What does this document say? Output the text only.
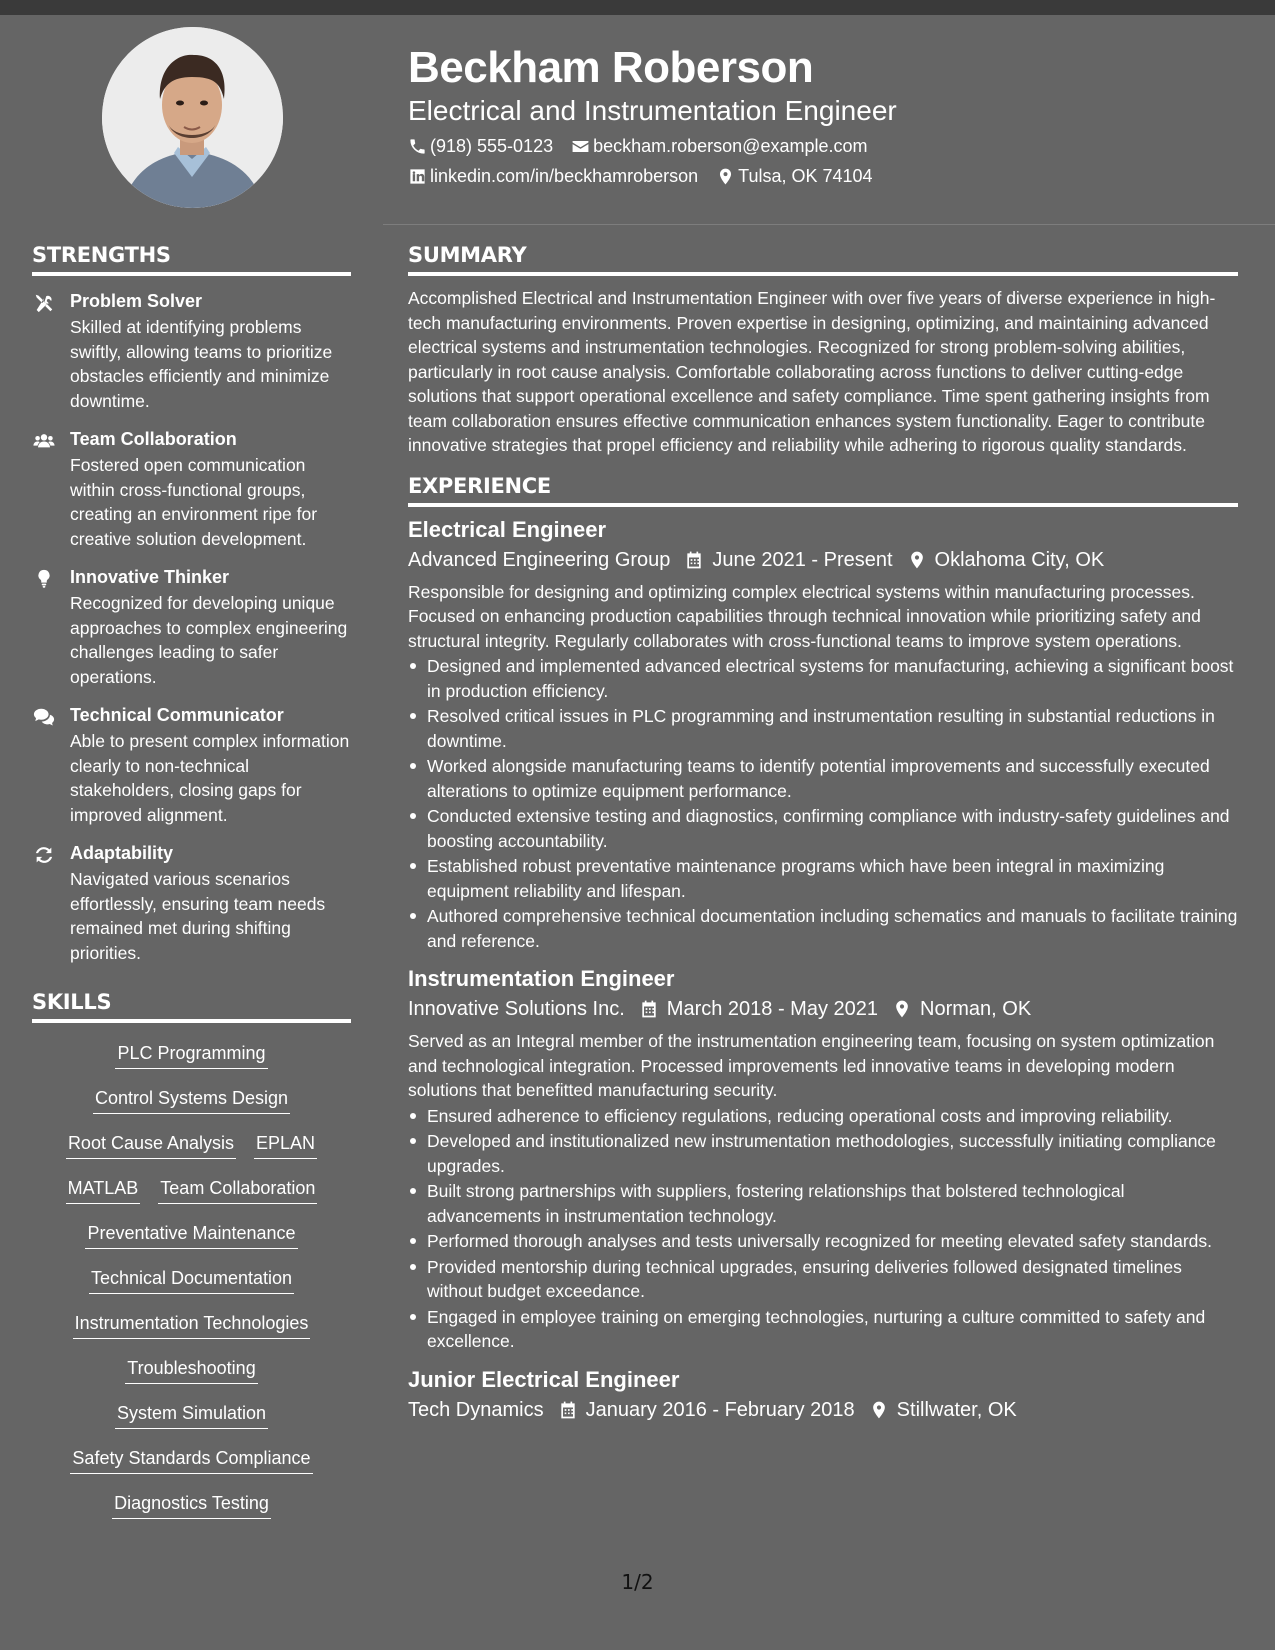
STRENGTHS
Problem Solver
Skilled at identifying problems swiftly, allowing teams to prioritize obstacles efficiently and minimize downtime.
Team Collaboration
Fostered open communication within cross-functional groups, creating an environment ripe for creative solution development.
Innovative Thinker
Recognized for developing unique approaches to complex engineering challenges leading to safer operations.
Technical Communicator
Able to present complex information clearly to non-technical stakeholders, closing gaps for improved alignment.
Adaptability
Navigated various scenarios effortlessly, ensuring team needs remained met during shifting priorities.
SKILLS
PLC Programming
Control Systems Design
Root Cause Analysis EPLAN
MATLAB Team Collaboration
Preventative Maintenance
Technical Documentation
Instrumentation Technologies
Troubleshooting
System Simulation
Safety Standards Compliance
Diagnostics Testing
Beckham Roberson
Electrical and Instrumentation Engineer
(918) 555-0123 beckham.roberson@example.com
linkedin.com/in/beckhamroberson Tulsa, OK 74104
SUMMARY
Accomplished Electrical and Instrumentation Engineer with over five years of diverse experience in high-tech manufacturing environments. Proven expertise in designing, optimizing, and maintaining advanced electrical systems and instrumentation technologies. Recognized for strong problem-solving abilities, particularly in root cause analysis. Comfortable collaborating across functions to deliver cutting-edge solutions that support operational excellence and safety compliance. Time spent gathering insights from team collaboration ensures effective communication enhances system functionality. Eager to contribute innovative strategies that propel efficiency and reliability while adhering to rigorous quality standards.
EXPERIENCE
Electrical Engineer
Advanced Engineering Group June 2021 - Present Oklahoma City, OK
Responsible for designing and optimizing complex electrical systems within manufacturing processes. Focused on enhancing production capabilities through technical innovation while prioritizing safety and structural integrity. Regularly collaborates with cross-functional teams to improve system operations.
Designed and implemented advanced electrical systems for manufacturing, achieving a significant boost in production efficiency.
Resolved critical issues in PLC programming and instrumentation resulting in substantial reductions in downtime.
Worked alongside manufacturing teams to identify potential improvements and successfully executed alterations to optimize equipment performance.
Conducted extensive testing and diagnostics, confirming compliance with industry-safety guidelines and boosting accountability.
Established robust preventative maintenance programs which have been integral in maximizing equipment reliability and lifespan.
Authored comprehensive technical documentation including schematics and manuals to facilitate training and reference.
Instrumentation Engineer
Innovative Solutions Inc. March 2018 - May 2021 Norman, OK
Served as an Integral member of the instrumentation engineering team, focusing on system optimization and technological integration. Processed improvements led innovative teams in developing modern solutions that benefitted manufacturing security.
Ensured adherence to efficiency regulations, reducing operational costs and improving reliability.
Developed and institutionalized new instrumentation methodologies, successfully initiating compliance upgrades.
Built strong partnerships with suppliers, fostering relationships that bolstered technological advancements in instrumentation technology.
Performed thorough analyses and tests universally recognized for meeting elevated safety standards.
Provided mentorship during technical upgrades, ensuring deliveries followed designated timelines without budget exceedance.
Engaged in employee training on emerging technologies, nurturing a culture committed to safety and excellence.
Junior Electrical Engineer
Tech Dynamics January 2016 - February 2018 Stillwater, OK
1/2
